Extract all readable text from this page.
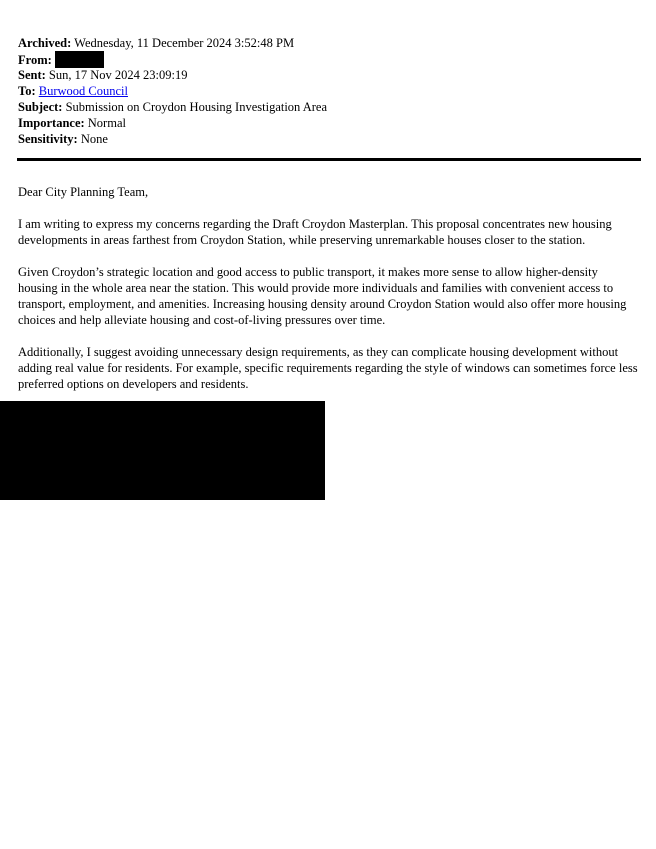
Archived: Wednesday, 11 December 2024 3:52:48 PM
From:
Sent: Sun, 17 Nov 2024 23:09:19
To: Burwood Council
Subject: Submission on Croydon Housing Investigation Area
Importance: Normal
Sensitivity: None

Dear City Planning Team,

I am writing to express my concerns regarding the Draft Croydon Masterplan. This proposal concentrates new housing developments in areas farthest from Croydon Station, while preserving unremarkable houses closer to the station.

Given Croydon’s strategic location and good access to public transport, it makes more sense to allow higher-density housing in the whole area near the station. This would provide more individuals and families with convenient access to transport, employment, and amenities. Increasing housing density around Croydon Station would also offer more housing choices and help alleviate housing and cost-of-living pressures over time.

Additionally, I suggest avoiding unnecessary design requirements, as they can complicate housing development without adding real value for residents. For example, specific requirements regarding the style of windows can sometimes force less preferred options on developers and residents.
